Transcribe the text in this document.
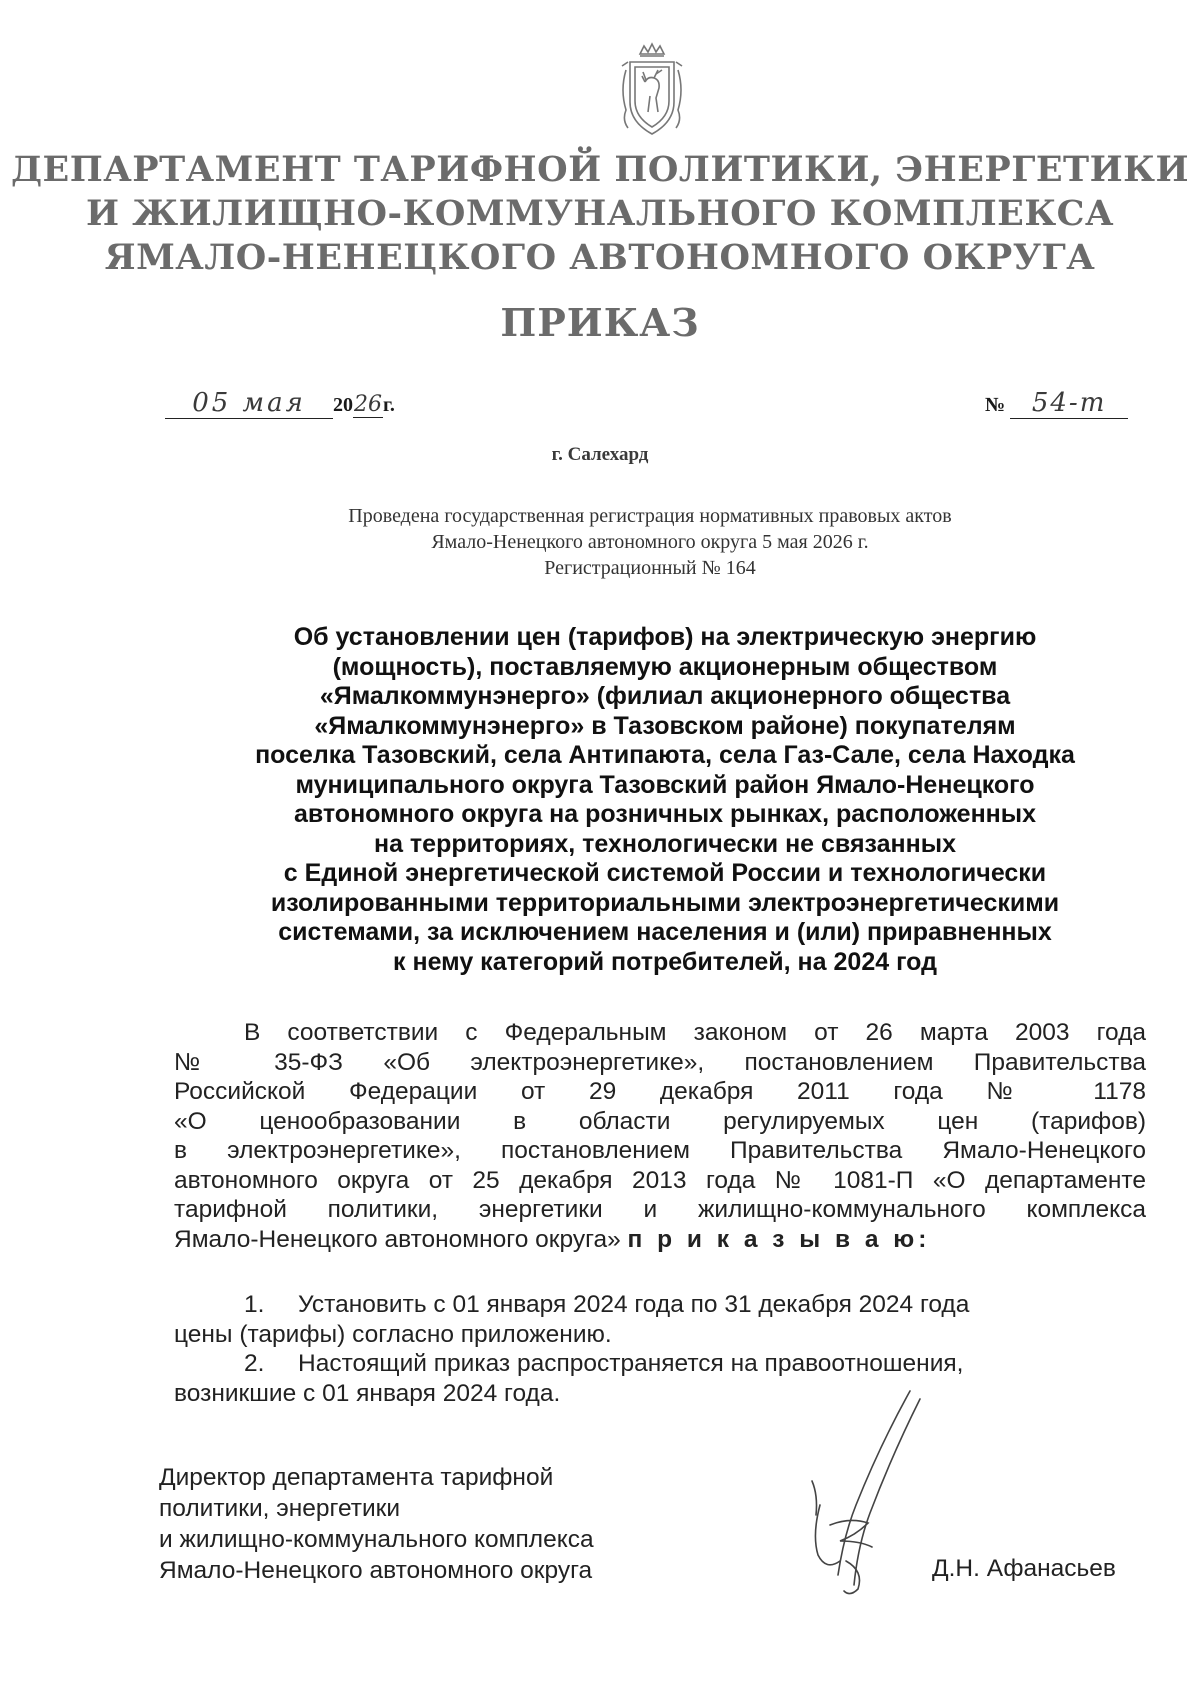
ДЕПАРТАМЕНТ ТАРИФНОЙ ПОЛИТИКИ, ЭНЕРГЕТИКИ
И ЖИЛИЩНО-КОММУНАЛЬНОГО КОМПЛЕКСА
ЯМАЛО-НЕНЕЦКОГО АВТОНОМНОГО ОКРУГА
ПРИКАЗ
05 мая 2026г.	№ 54-т
г. Салехард
Проведена государственная регистрация нормативных правовых актов
Ямало-Ненецкого автономного округа 5 мая 2026 г.
Регистрационный № 164
Об установлении цен (тарифов) на электрическую энергию
(мощность), поставляемую акционерным обществом
«Ямалкоммунэнерго» (филиал акционерного общества
«Ямалкоммунэнерго» в Тазовском районе) покупателям
поселка Тазовский, села Антипаюта, села Газ-Сале, села Находка
муниципального округа Тазовский район Ямало-Ненецкого
автономного округа на розничных рынках, расположенных
на территориях, технологически не связанных
с Единой энергетической системой России и технологически
изолированными территориальными электроэнергетическими
системами, за исключением населения и (или) приравненных
к нему категорий потребителей, на 2024 год

В соответствии с Федеральным законом от 26 марта 2003 года

№ 35-ФЗ «Об электроэнергетике», постановлением Правительства

Российской Федерации от 29 декабря 2011 года № 1178

«О ценообразовании в области регулируемых цен (тарифов)

в электроэнергетике», постановлением Правительства Ямало-Ненецкого

автономного округа от 25 декабря 2013 года № 1081-П «О департаменте

тарифной политики, энергетики и жилищно-коммунального комплекса

Ямало-Ненецкого автономного округа» п р и к а з ы в а ю:

1. Установить с 01 января 2024 года по 31 декабря 2024 года

цены (тарифы) согласно приложению.

2. Настоящий приказ распространяется на правоотношения,

возникшие с 01 января 2024 года.

Директор департамента тарифной
политики, энергетики
и жилищно-коммунального комплекса
Ямало-Ненецкого автономного округа	Д.Н. Афанасьев
